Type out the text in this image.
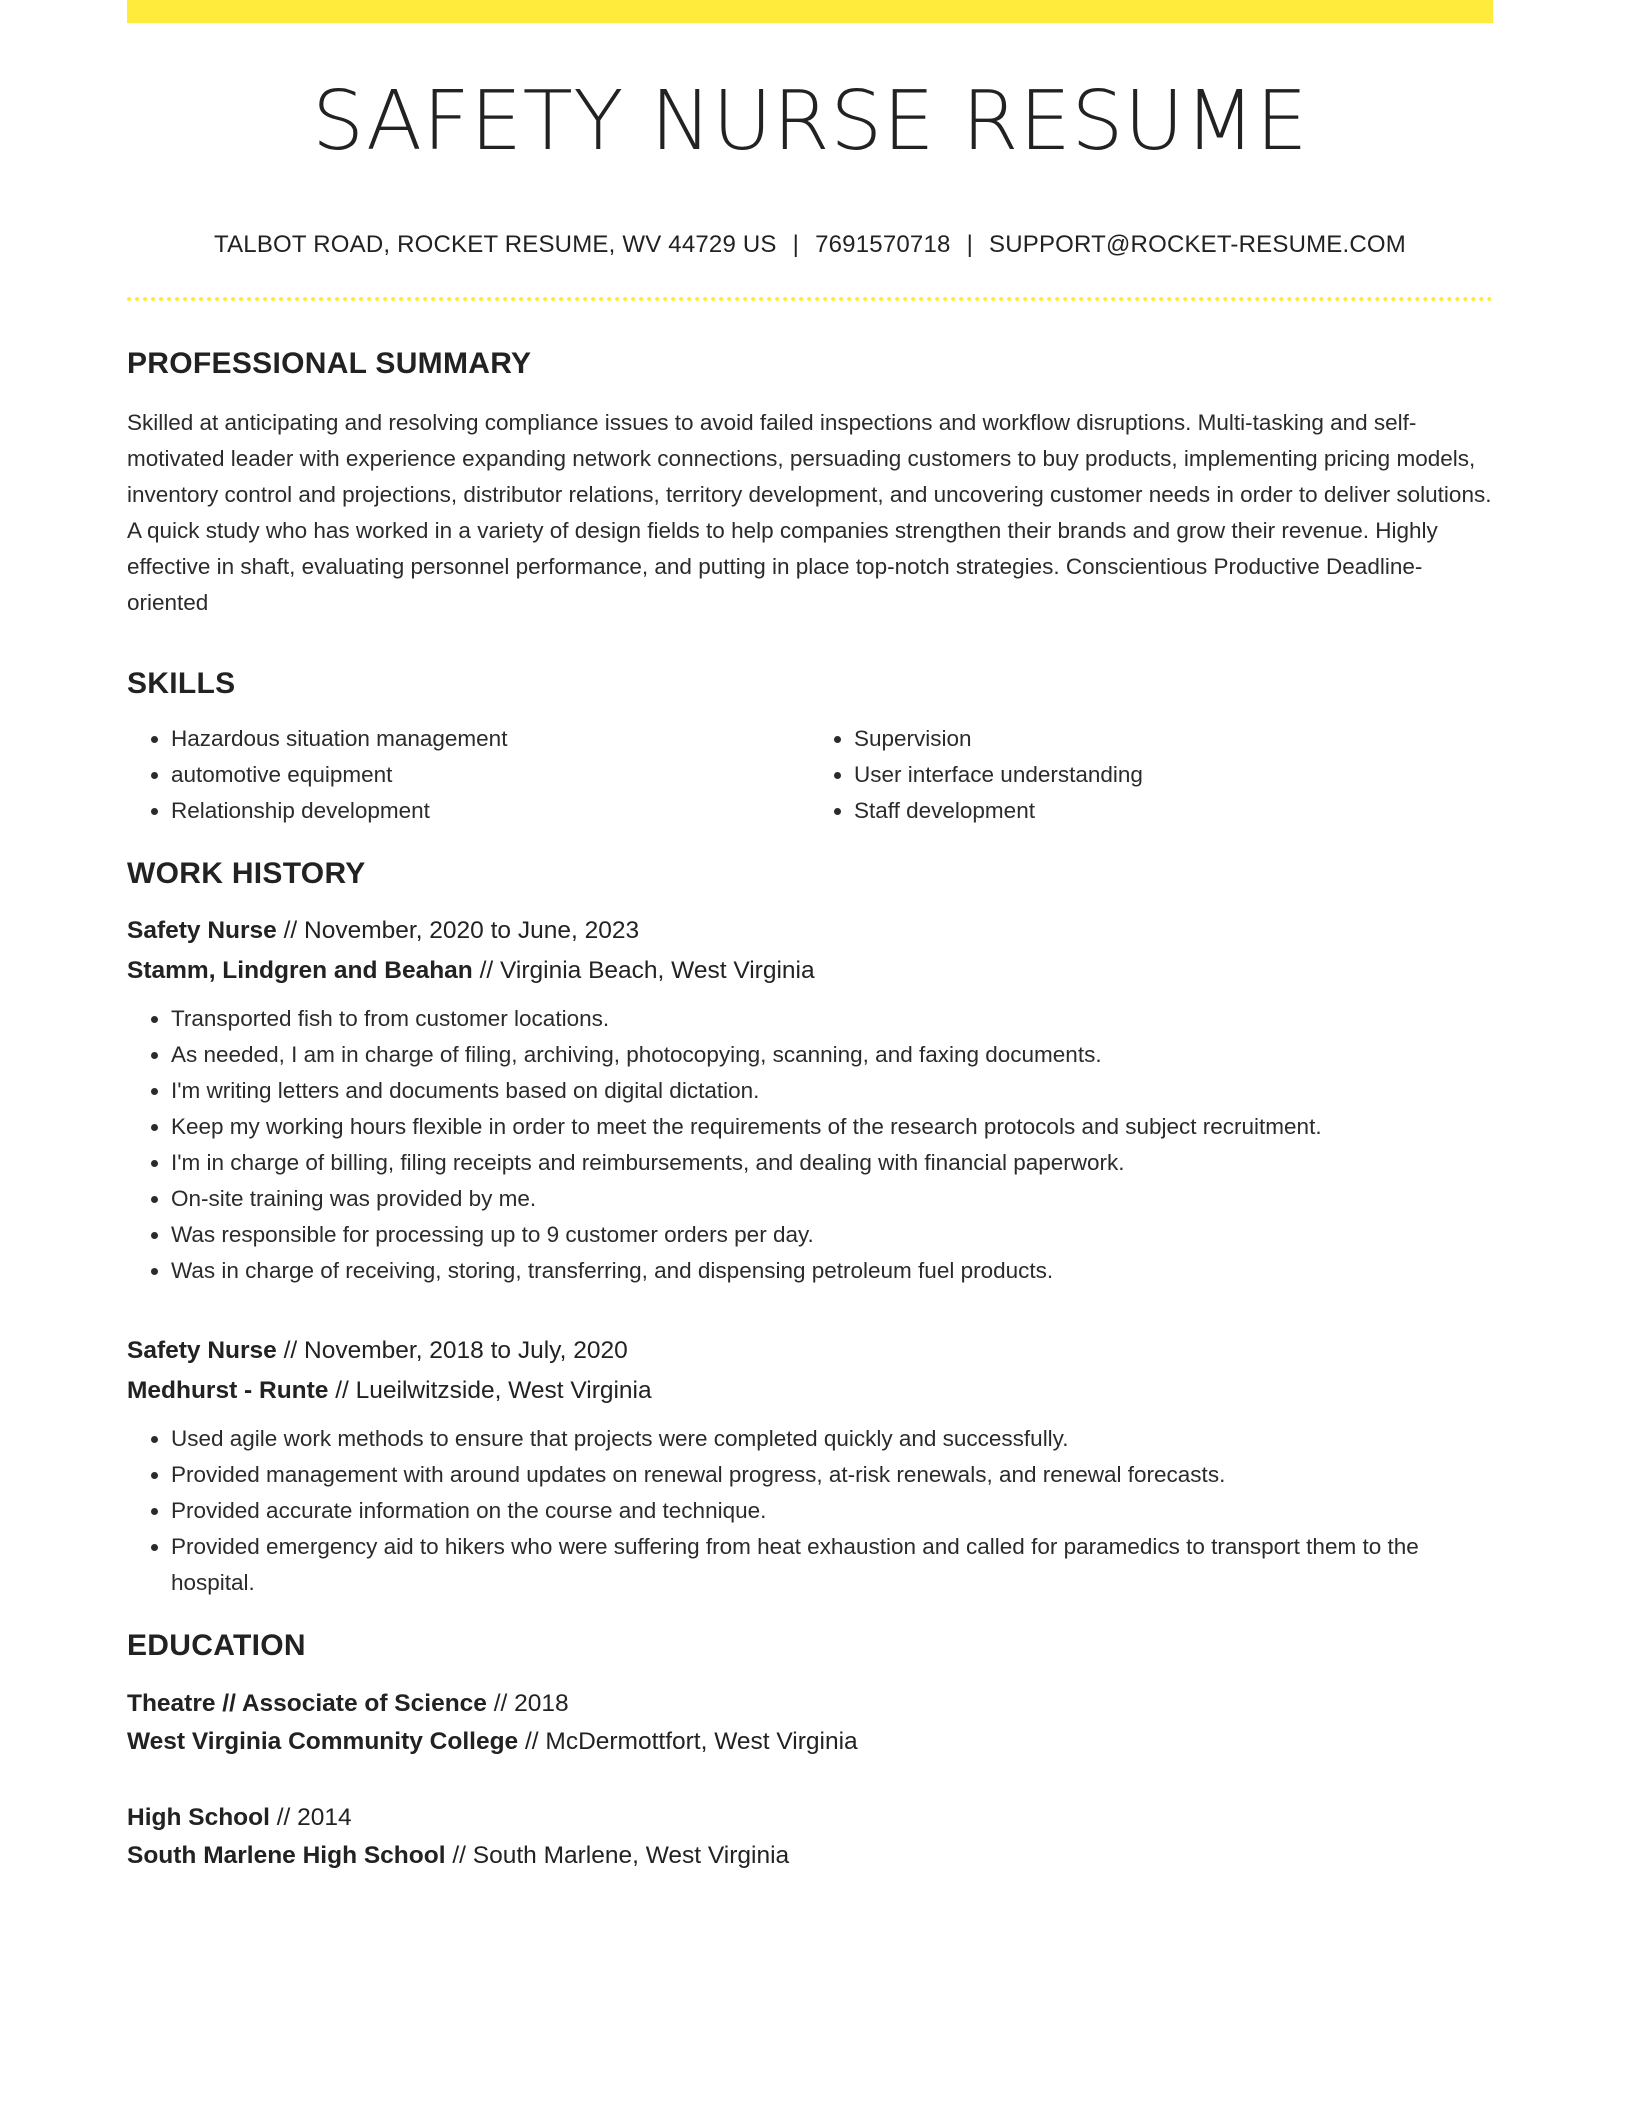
SAFETY NURSE RESUME
TALBOT ROAD, ROCKET RESUME, WV 44729 US | 7691570718 | SUPPORT@ROCKET-RESUME.COM
PROFESSIONAL SUMMARY

Skilled at anticipating and resolving compliance issues to avoid failed inspections and workflow disruptions. Multi-tasking and self-motivated leader with experience expanding network connections, persuading customers to buy products, implementing pricing models, inventory control and projections, distributor relations, territory development, and uncovering customer needs in order to deliver solutions. A quick study who has worked in a variety of design fields to help companies strengthen their brands and grow their revenue. Highly effective in shaft, evaluating personnel performance, and putting in place top-notch strategies. Conscientious Productive Deadline-oriented

SKILLS
• Hazardous situation management
• automotive equipment
• Relationship development
• Supervision
• User interface understanding
• Staff development
WORK HISTORY
Safety Nurse // November, 2020 to June, 2023
Stamm, Lindgren and Beahan // Virginia Beach, West Virginia
• Transported fish to from customer locations.
• As needed, I am in charge of filing, archiving, photocopying, scanning, and faxing documents.
• I'm writing letters and documents based on digital dictation.
• Keep my working hours flexible in order to meet the requirements of the research protocols and subject recruitment.
• I'm in charge of billing, filing receipts and reimbursements, and dealing with financial paperwork.
• On-site training was provided by me.
• Was responsible for processing up to 9 customer orders per day.
• Was in charge of receiving, storing, transferring, and dispensing petroleum fuel products.
Safety Nurse // November, 2018 to July, 2020
Medhurst - Runte // Lueilwitzside, West Virginia
• Used agile work methods to ensure that projects were completed quickly and successfully.
• Provided management with around updates on renewal progress, at-risk renewals, and renewal forecasts.
• Provided accurate information on the course and technique.
• Provided emergency aid to hikers who were suffering from heat exhaustion and called for paramedics to transport them to the hospital.
EDUCATION
Theatre // Associate of Science // 2018
West Virginia Community College // McDermottfort, West Virginia
High School // 2014
South Marlene High School // South Marlene, West Virginia
